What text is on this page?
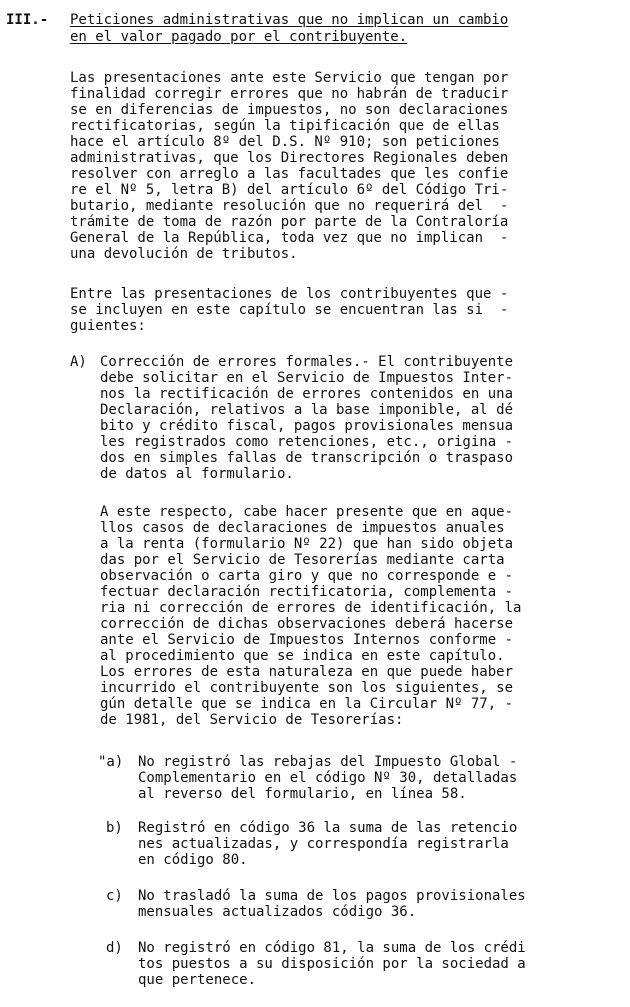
III.- Peticiones administrativas que no implican un cambio
en el valor pagado por el contribuyente.
Las presentaciones ante este Servicio que tengan por
finalidad corregir errores que no habrán de traducir
se en diferencias de impuestos, no son declaraciones
rectificatorias, según la tipificación que de ellas
hace el artículo 8º del D.S. Nº 910; son peticiones
administrativas, que los Directores Regionales deben
resolver con arreglo a las facultades que les confie
re el Nº 5, letra B) del artículo 6º del Código Tri-
butario, mediante resolución que no requerirá del  -
trámite de toma de razón por parte de la Contraloría
General de la República, toda vez que no implican  -
una devolución de tributos.
Entre las presentaciones de los contribuyentes que -
se incluyen en este capítulo se encuentran las si  -
guientes:
A) Corrección de errores formales.- El contribuyente
debe solicitar en el Servicio de Impuestos Inter-
nos la rectificación de errores contenidos en una
Declaración, relativos a la base imponible, al dé
bito y crédito fiscal, pagos provisionales mensua
les registrados como retenciones, etc., origina -
dos en simples fallas de transcripción o traspaso
de datos al formulario.
A este respecto, cabe hacer presente que en aque-
llos casos de declaraciones de impuestos anuales
a la renta (formulario Nº 22) que han sido objeta
das por el Servicio de Tesorerías mediante carta
observación o carta giro y que no corresponde e -
fectuar declaración rectificatoria, complementa -
ria ni corrección de errores de identificación, la
corrección de dichas observaciones deberá hacerse
ante el Servicio de Impuestos Internos conforme -
al procedimiento que se indica en este capítulo.
Los errores de esta naturaleza en que puede haber
incurrido el contribuyente son los siguientes, se
gún detalle que se indica en la Circular Nº 77, -
de 1981, del Servicio de Tesorerías:
"a) No registró las rebajas del Impuesto Global -
Complementario en el código Nº 30, detalladas
al reverso del formulario, en línea 58.
b) Registró en código 36 la suma de las retencio
nes actualizadas, y correspondía registrarla
en código 80.
c) No trasladó la suma de los pagos provisionales
mensuales actualizados código 36.
d) No registró en código 81, la suma de los crédi
tos puestos a su disposición por la sociedad a
que pertenece.
